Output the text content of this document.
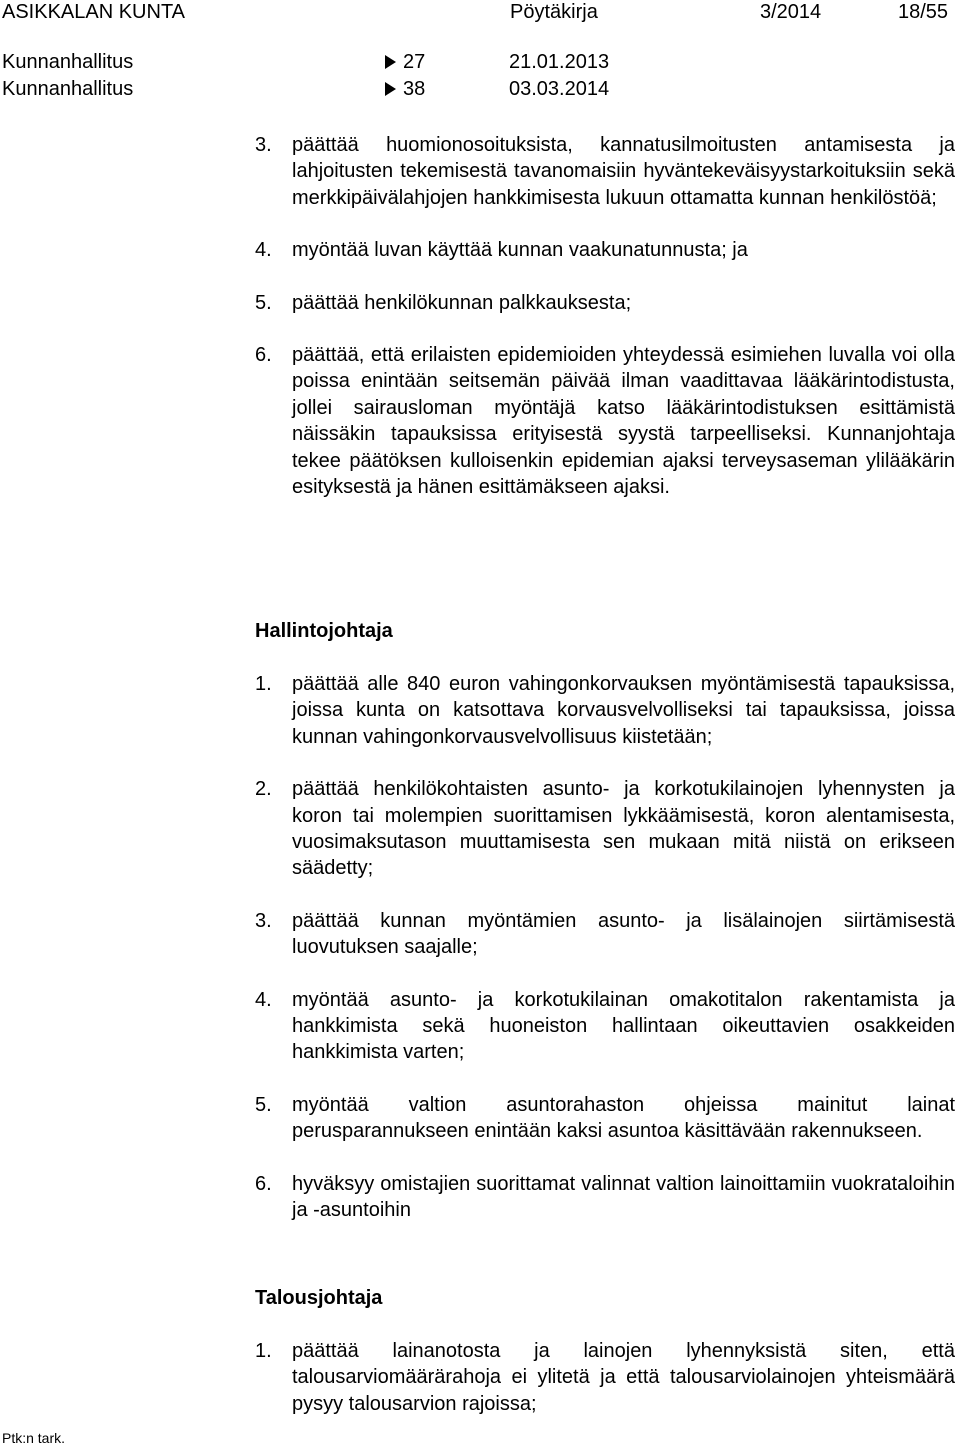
ASIKKALAN KUNTA	Pöytäkirja	3/2014	18/55
Kunnanhallitus	27	21.01.2013
Kunnanhallitus	38	03.03.2014
3.	päättää huomionosoituksista, kannatusilmoitusten antamisesta ja lahjoitusten tekemisestä tavanomaisiin hyväntekeväisyystarkoituksiin sekä merkkipäivälahjojen hankkimisesta lukuun ottamatta kunnan henkilöstöä;
4.	myöntää luvan käyttää kunnan vaakunatunnusta; ja
5.	päättää henkilökunnan palkkauksesta;
6.	päättää, että erilaisten epidemioiden yhteydessä esimiehen luvalla voi olla poissa enintään seitsemän päivää ilman vaadittavaa lääkärintodistusta, jollei sairausloman myöntäjä katso lääkärintodistuksen esittämistä näissäkin tapauksissa erityisestä syystä tarpeelliseksi. Kunnanjohtaja tekee päätöksen kulloisenkin epidemian ajaksi terveysaseman ylilääkärin esityksestä ja hänen esittämäkseen ajaksi.
Hallintojohtaja
1.	päättää alle 840 euron vahingonkorvauksen myöntämisestä tapauksissa, joissa kunta on katsottava korvausvelvolliseksi tai tapauksissa, joissa kunnan vahingonkorvausvelvollisuus kiistetään;
2.	päättää henkilökohtaisten asunto- ja korkotukilainojen lyhennysten ja koron tai molempien suorittamisen lykkäämisestä, koron alentamisesta, vuosimaksutason muuttamisesta sen mukaan mitä niistä on erikseen säädetty;
3.	päättää kunnan myöntämien asunto- ja lisälainojen siirtämisestä luovutuksen saajalle;
4.	myöntää asunto- ja korkotukilainan omakotitalon rakentamista ja hankkimista sekä huoneiston hallintaan oikeuttavien osakkeiden hankkimista varten;
5.	myöntää valtion asuntorahaston ohjeissa mainitut lainat perusparannukseen enintään kaksi asuntoa käsittävään rakennukseen.
6.	hyväksyy omistajien suorittamat valinnat valtion lainoittamiin vuokrataloihin ja -asuntoihin
Talousjohtaja
1.	päättää lainanotosta ja lainojen lyhennyksistä siten, että talousarviomäärärahoja ei ylitetä ja että talousarviolainojen yhteismäärä pysyy talousarvion rajoissa;
Ptk:n tark.
